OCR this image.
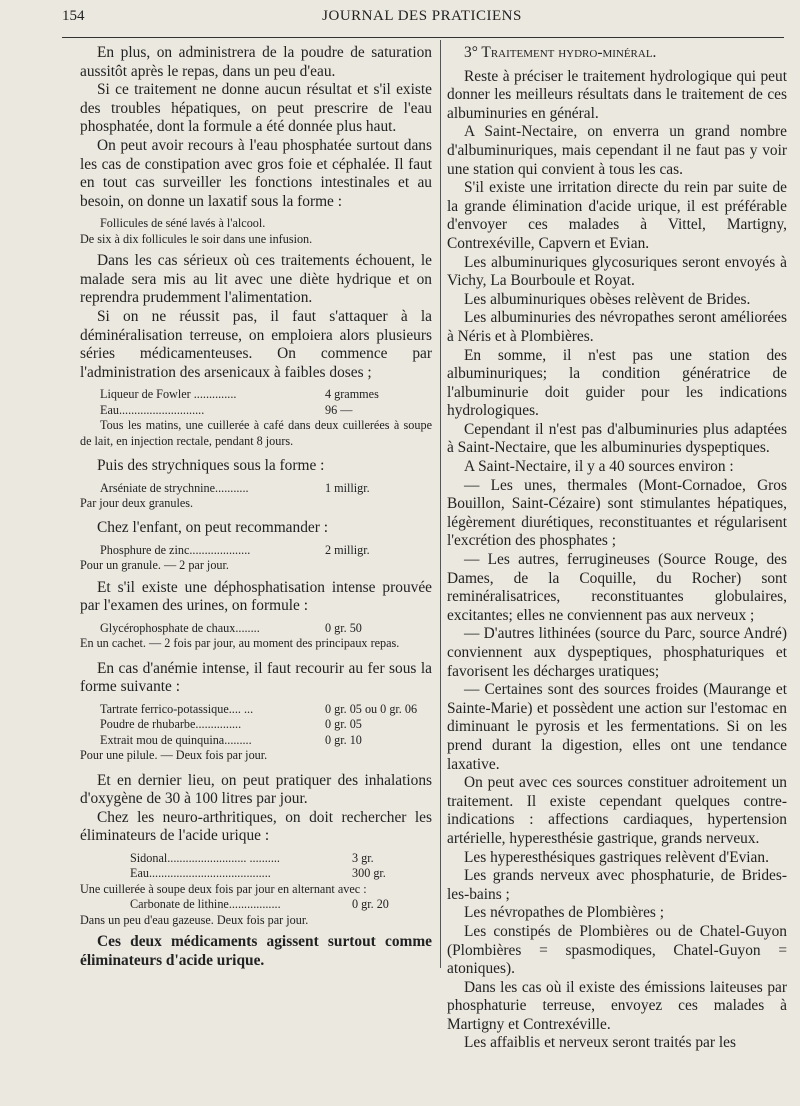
154	JOURNAL DES PRATICIENS

En plus, on administrera de la poudre de saturation aussitôt après le repas, dans un peu d'eau.

Si ce traitement ne donne aucun résultat et s'il existe des troubles hépatiques, on peut prescrire de l'eau phosphatée, dont la formule a été donnée plus haut.

On peut avoir recours à l'eau phosphatée surtout dans les cas de constipation avec gros foie et céphalée. Il faut en tout cas surveiller les fonctions intestinales et au besoin, on donne un laxatif sous la forme :

Follicules de séné lavés à l'alcool.

De six à dix follicules le soir dans une infusion.

Dans les cas sérieux où ces traitements échouent, le malade sera mis au lit avec une diète hydrique et on reprendra prudemment l'alimentation.

Si on ne réussit pas, il faut s'attaquer à la déminéralisation terreuse, on emploiera alors plusieurs séries médicamenteuses. On commence par l'administration des arsenicaux à faibles doses ;

Liqueur de Fowler ..............	4 grammes
Eau............................	96 —

Tous les matins, une cuillerée à café dans deux cuillerées à soupe de lait, en injection rectale, pendant 8 jours.

Puis des strychniques sous la forme :

Arséniate de strychnine...........	1 milligr.

Par jour deux granules.

Chez l'enfant, on peut recommander :

Phosphure de zinc....................	2 milligr.

Pour un granule. — 2 par jour.

Et s'il existe une déphosphatisation intense prouvée par l'examen des urines, on formule :

Glycérophosphate de chaux........	0 gr. 50

En un cachet. — 2 fois par jour, au moment des principaux repas.

En cas d'anémie intense, il faut recourir au fer sous la forme suivante :

Tartrate ferrico-potassique.... ...	0 gr. 05 ou 0 gr. 06
Poudre de rhubarbe...............	0 gr. 05
Extrait mou de quinquina.........	0 gr. 10

Pour une pilule. — Deux fois par jour.

Et en dernier lieu, on peut pratiquer des inhalations d'oxygène de 30 à 100 litres par jour.

Chez les neuro-arthritiques, on doit rechercher les éliminateurs de l'acide urique :

Sidonal.......................... ..........	3 gr.
Eau........................................	300 gr.

Une cuillerée à soupe deux fois par jour en alternant avec :

Carbonate de lithine.................	0 gr. 20

Dans un peu d'eau gazeuse. Deux fois par jour.

Ces deux médicaments agissent surtout comme éliminateurs d'acide urique.

3° Traitement hydro-minéral.

Reste à préciser le traitement hydrologique qui peut donner les meilleurs résultats dans le traitement de ces albuminuries en général.

A Saint-Nectaire, on enverra un grand nombre d'albuminuriques, mais cependant il ne faut pas y voir une station qui convient à tous les cas.

S'il existe une irritation directe du rein par suite de la grande élimination d'acide urique, il est préférable d'envoyer ces malades à Vittel, Martigny, Contrexéville, Capvern et Evian.

Les albuminuriques glycosuriques seront envoyés à Vichy, La Bourboule et Royat.

Les albuminuriques obèses relèvent de Brides.

Les albuminuries des névropathes seront améliorées à Néris et à Plombières.

En somme, il n'est pas une station des albuminuriques; la condition génératrice de l'albuminurie doit guider pour les indications hydrologiques.

Cependant il n'est pas d'albuminuries plus adaptées à Saint-Nectaire, que les albuminuries dyspeptiques.

A Saint-Nectaire, il y a 40 sources environ :

— Les unes, thermales (Mont-Cornadoe, Gros Bouillon, Saint-Cézaire) sont stimulantes hépatiques, légèrement diurétiques, reconstituantes et régularisent l'excrétion des phosphates ;

— Les autres, ferrugineuses (Source Rouge, des Dames, de la Coquille, du Rocher) sont reminéralisatrices, reconstituantes globulaires, excitantes; elles ne conviennent pas aux nerveux ;

— D'autres lithinées (source du Parc, source André) conviennent aux dyspeptiques, phosphaturiques et favorisent les décharges uratiques;

— Certaines sont des sources froides (Maurange et Sainte-Marie) et possèdent une action sur l'estomac en diminuant le pyrosis et les fermentations. Si on les prend durant la digestion, elles ont une tendance laxative.

On peut avec ces sources constituer adroitement un traitement. Il existe cependant quelques contre-indications : affections cardiaques, hypertension artérielle, hyperesthésie gastrique, grands nerveux.

Les hyperesthésiques gastriques relèvent d'Evian.

Les grands nerveux avec phosphaturie, de Brides-les-bains ;

Les névropathes de Plombières ;

Les constipés de Plombières ou de Chatel-Guyon (Plombières = spasmodiques, Chatel-Guyon = atoniques).

Dans les cas où il existe des émissions laiteuses par phosphaturie terreuse, envoyez ces malades à Martigny et Contrexéville.

Les affaiblis et nerveux seront traités par les
